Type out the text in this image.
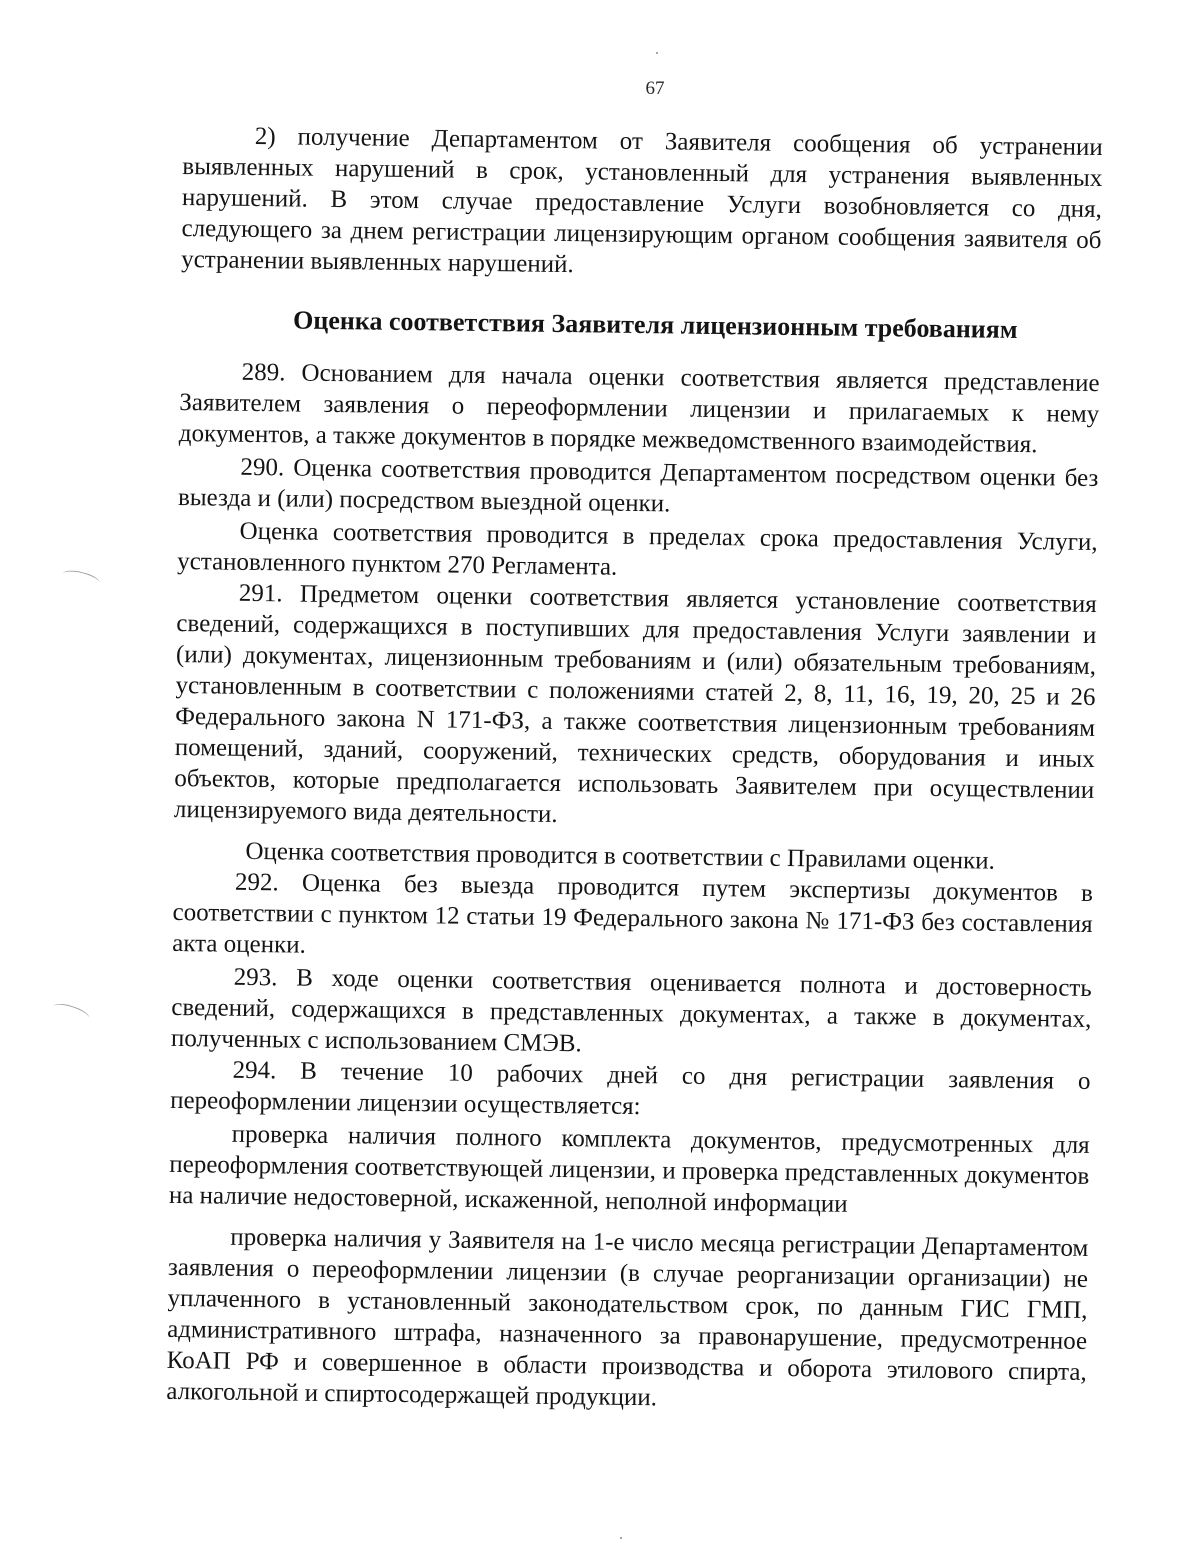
67

2) получение Департаментом от Заявителя сообщения об устранении выявленных нарушений в срок, установленный для устранения выявленных нарушений. В этом случае предоставление Услуги возобновляется со дня, следующего за днем регистрации лицензирующим органом сообщения заявителя об устранении выявленных нарушений.

Оценка соответствия Заявителя лицензионным требованиям

289. Основанием для начала оценки соответствия является представление Заявителем заявления о переоформлении лицензии и прилагаемых к нему документов, а также документов в порядке межведомственного взаимодействия.

290. Оценка соответствия проводится Департаментом посредством оценки без выезда и (или) посредством выездной оценки.

Оценка соответствия проводится в пределах срока предоставления Услуги, установленного пунктом 270 Регламента.

291. Предметом оценки соответствия является установление соответствия сведений, содержащихся в поступивших для предоставления Услуги заявлении и (или) документах, лицензионным требованиям и (или) обязательным требованиям, установленным в соответствии с положениями статей 2, 8, 11, 16, 19, 20, 25 и 26 Федерального закона N 171-ФЗ, а также соответствия лицензионным требованиям помещений, зданий, сооружений, технических средств, оборудования и иных объектов, которые предполагается использовать Заявителем при осуществлении лицензируемого вида деятельности.

Оценка соответствия проводится в соответствии с Правилами оценки.

292. Оценка без выезда проводится путем экспертизы документов в соответствии с пунктом 12 статьи 19 Федерального закона № 171-ФЗ без составления акта оценки.

293. В ходе оценки соответствия оценивается полнота и достоверность сведений, содержащихся в представленных документах, а также в документах, полученных с использованием СМЭВ.

294. В течение 10 рабочих дней со дня регистрации заявления о переоформлении лицензии осуществляется:

проверка наличия полного комплекта документов, предусмотренных для переоформления соответствующей лицензии, и проверка представленных документов на наличие недостоверной, искаженной, неполной информации

проверка наличия у Заявителя на 1-е число месяца регистрации Департаментом заявления о переоформлении лицензии (в случае реорганизации организации) не уплаченного в установленный законодательством срок, по данным ГИС ГМП, административного штрафа, назначенного за правонарушение, предусмотренное КоАП РФ и совершенное в области производства и оборота этилового спирта, алкогольной и спиртосодержащей продукции.
